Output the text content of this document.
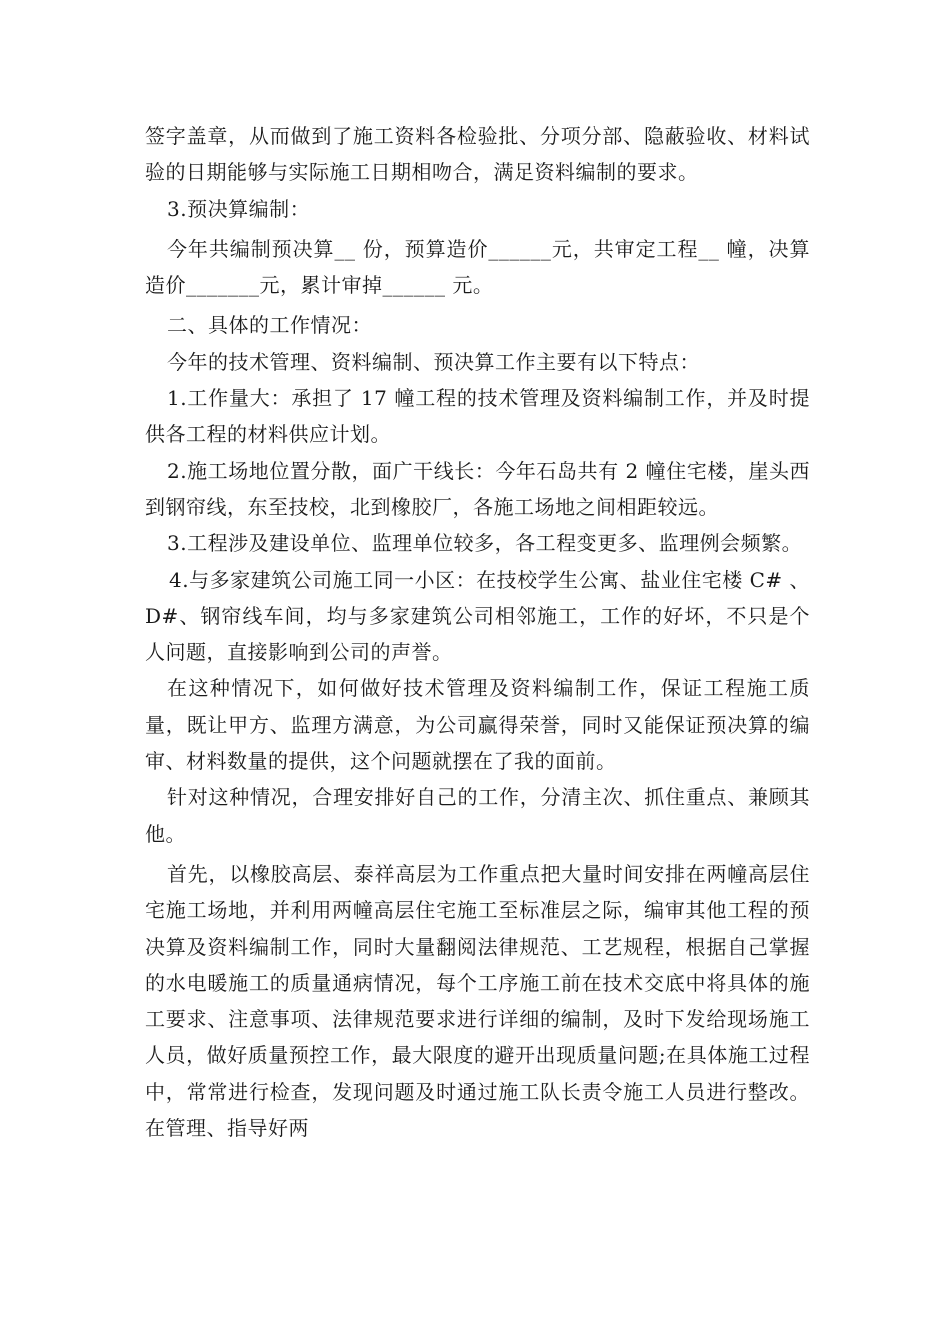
签字盖章，从而做到了施工资料各检验批、分项分部、隐蔽验收、材料试验的日期能够与实际施工日期相吻合，满足资料编制的要求。

3.预决算编制：

今年共编制预决算__ 份，预算造价______元，共审定工程__ 幢，决算造价_______元，累计审掉______ 元。

二、具体的工作情况：

今年的技术管理、资料编制、预决算工作主要有以下特点：

1.工作量大：承担了 17 幢工程的技术管理及资料编制工作，并及时提供各工程的材料供应计划。

2.施工场地位置分散，面广干线长：今年石岛共有 2 幢住宅楼，崖头西到钢帘线，东至技校，北到橡胶厂，各施工场地之间相距较远。

3.工程涉及建设单位、监理单位较多，各工程变更多、监理例会频繁。

4.与多家建筑公司施工同一小区：在技校学生公寓、盐业住宅楼 C# 、D#、钢帘线车间，均与多家建筑公司相邻施工，工作的好坏，不只是个人问题，直接影响到公司的声誉。

在这种情况下，如何做好技术管理及资料编制工作，保证工程施工质量，既让甲方、监理方满意，为公司赢得荣誉，同时又能保证预决算的编审、材料数量的提供，这个问题就摆在了我的面前。

针对这种情况，合理安排好自己的工作，分清主次、抓住重点、兼顾其他。

首先，以橡胶高层、泰祥高层为工作重点把大量时间安排在两幢高层住宅施工场地，并利用两幢高层住宅施工至标准层之际，编审其他工程的预决算及资料编制工作，同时大量翻阅法律规范、工艺规程，根据自己掌握的水电暖施工的质量通病情况，每个工序施工前在技术交底中将具体的施工要求、注意事项、法律规范要求进行详细的编制，及时下发给现场施工人员，做好质量预控工作，最大限度的避开出现质量问题;在具体施工过程中，常常进行检查，发现问题及时通过施工队长责令施工人员进行整改。在管理、指导好两
